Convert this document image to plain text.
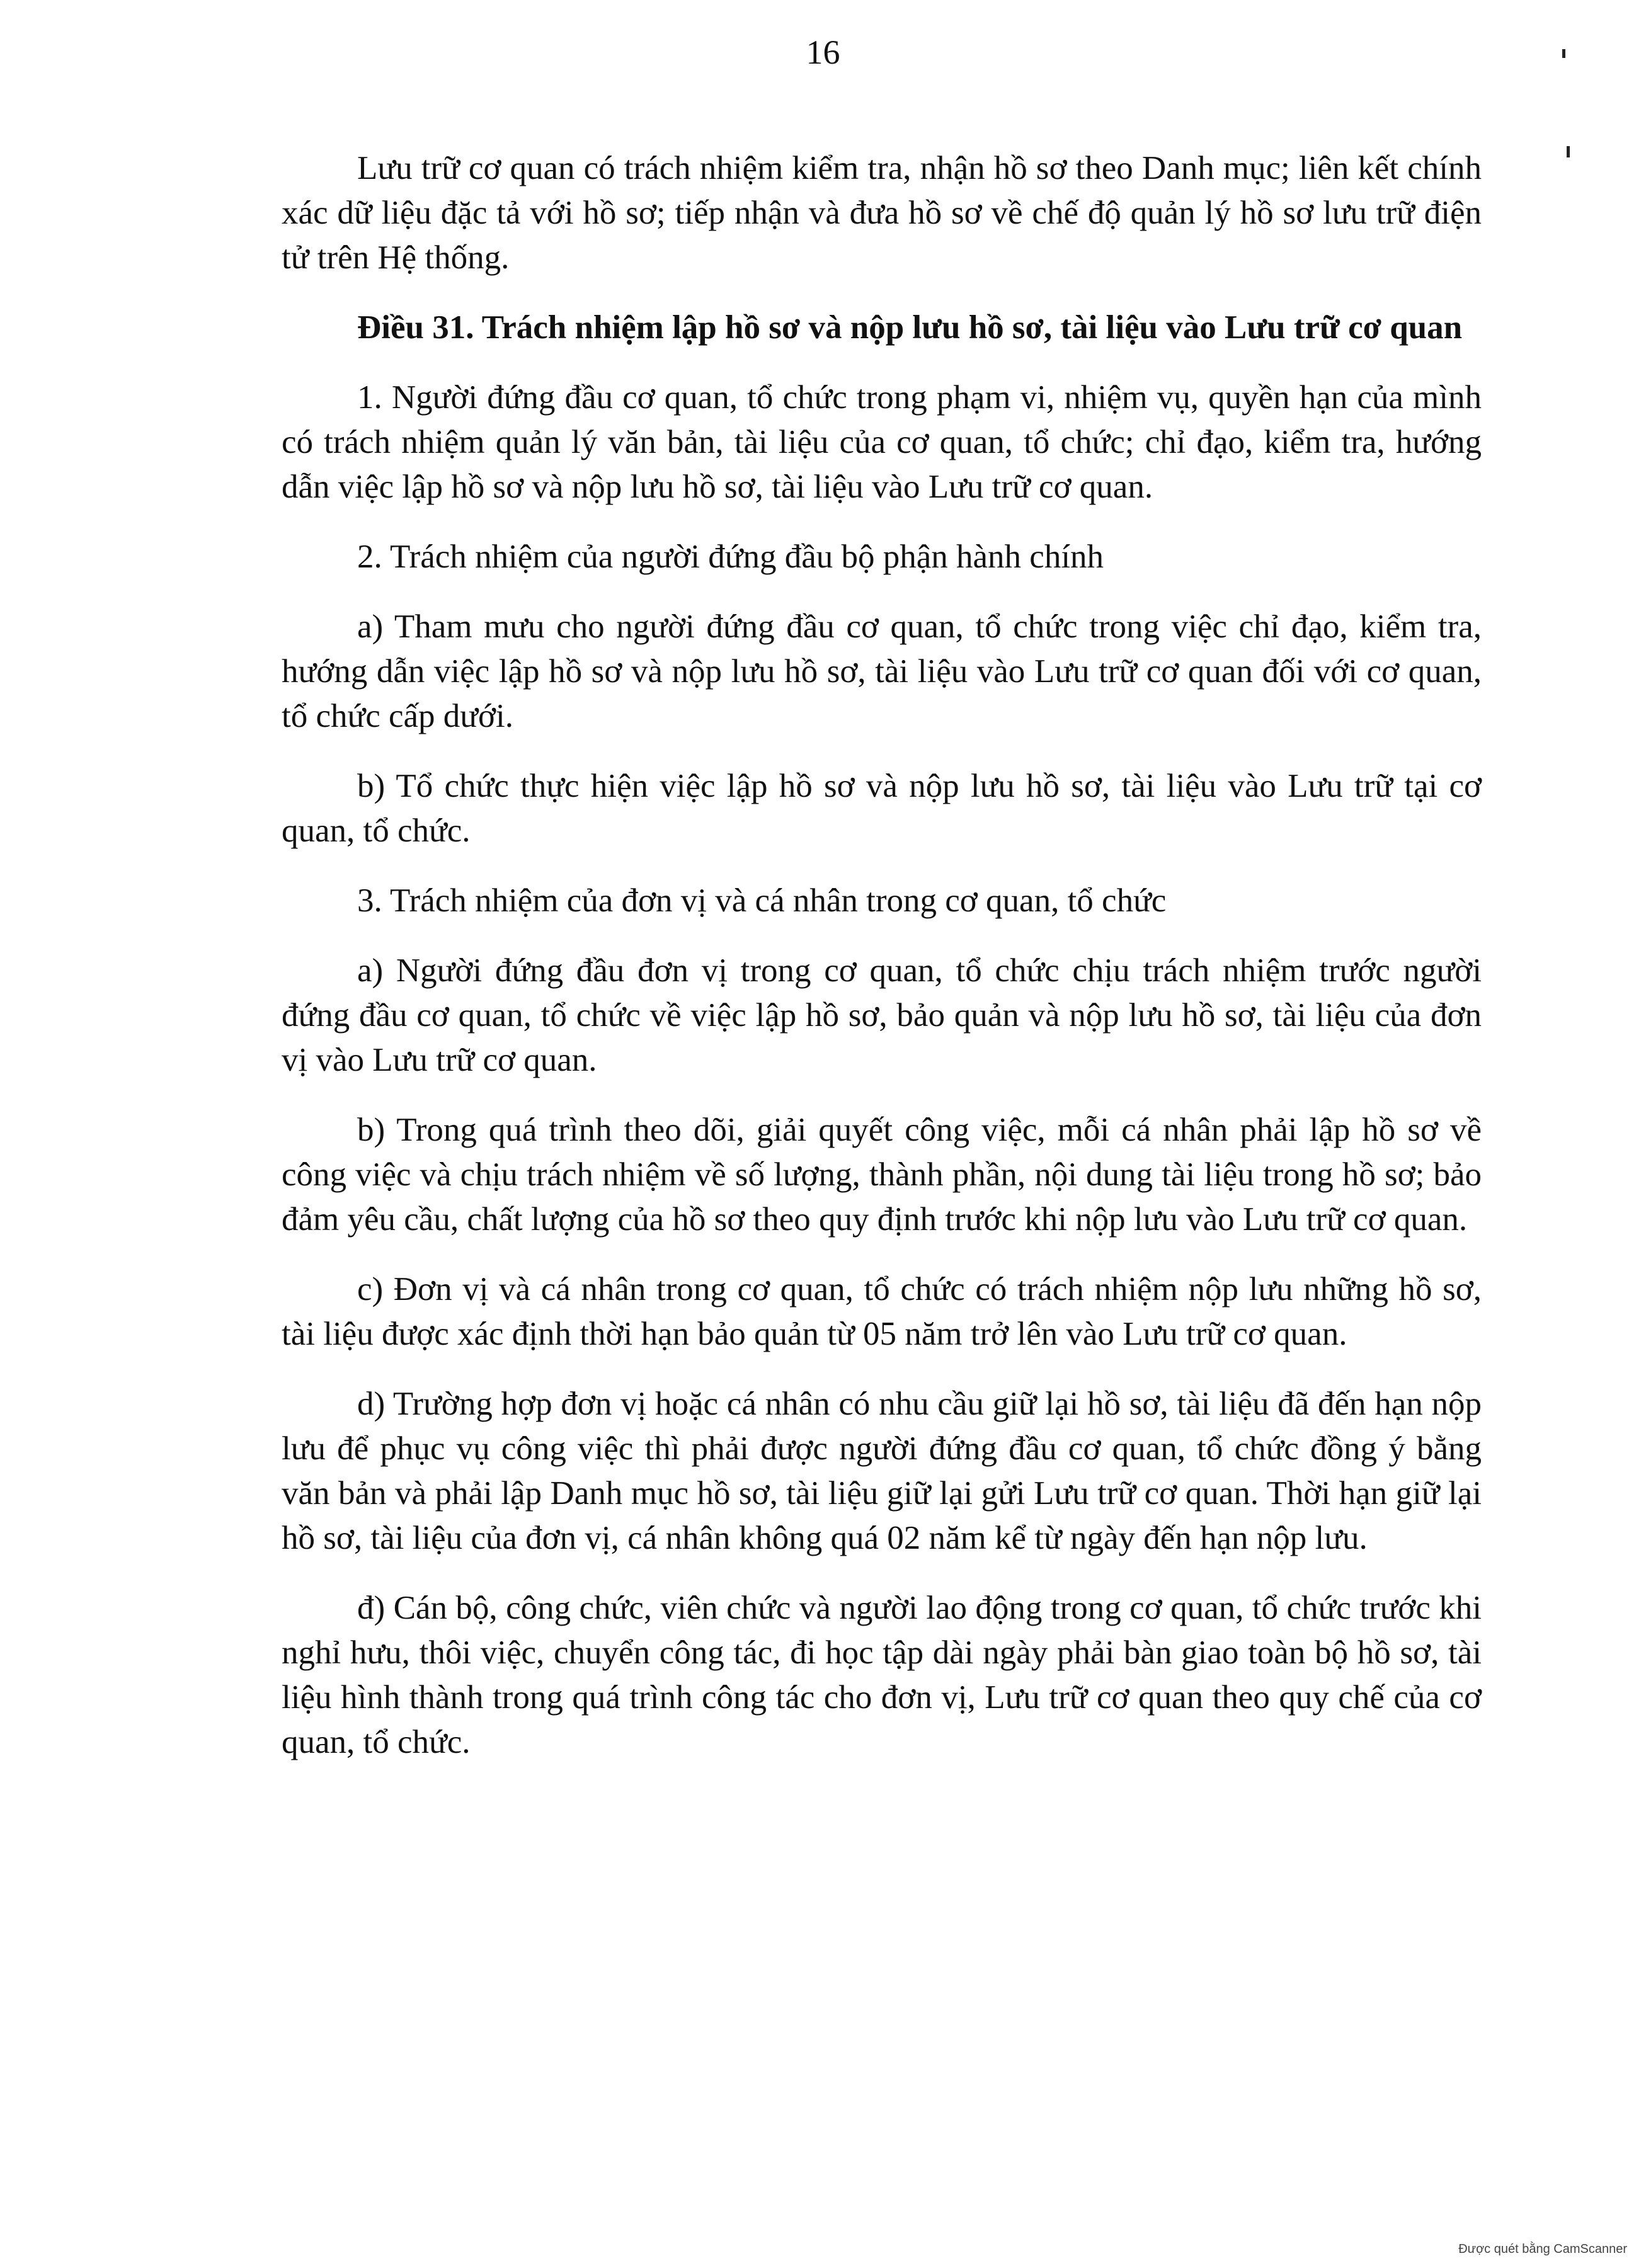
16

Lưu trữ cơ quan có trách nhiệm kiểm tra, nhận hồ sơ theo Danh mục; liên kết chính xác dữ liệu đặc tả với hồ sơ; tiếp nhận và đưa hồ sơ về chế độ quản lý hồ sơ lưu trữ điện tử trên Hệ thống.

Điều 31. Trách nhiệm lập hồ sơ và nộp lưu hồ sơ, tài liệu vào Lưu trữ cơ quan

1. Người đứng đầu cơ quan, tổ chức trong phạm vi, nhiệm vụ, quyền hạn của mình có trách nhiệm quản lý văn bản, tài liệu của cơ quan, tổ chức; chỉ đạo, kiểm tra, hướng dẫn việc lập hồ sơ và nộp lưu hồ sơ, tài liệu vào Lưu trữ cơ quan.

2. Trách nhiệm của người đứng đầu bộ phận hành chính

a) Tham mưu cho người đứng đầu cơ quan, tổ chức trong việc chỉ đạo, kiểm tra, hướng dẫn việc lập hồ sơ và nộp lưu hồ sơ, tài liệu vào Lưu trữ cơ quan đối với cơ quan, tổ chức cấp dưới.

b) Tổ chức thực hiện việc lập hồ sơ và nộp lưu hồ sơ, tài liệu vào Lưu trữ tại cơ quan, tổ chức.

3. Trách nhiệm của đơn vị và cá nhân trong cơ quan, tổ chức

a) Người đứng đầu đơn vị trong cơ quan, tổ chức chịu trách nhiệm trước người đứng đầu cơ quan, tổ chức về việc lập hồ sơ, bảo quản và nộp lưu hồ sơ, tài liệu của đơn vị vào Lưu trữ cơ quan.

b) Trong quá trình theo dõi, giải quyết công việc, mỗi cá nhân phải lập hồ sơ về công việc và chịu trách nhiệm về số lượng, thành phần, nội dung tài liệu trong hồ sơ; bảo đảm yêu cầu, chất lượng của hồ sơ theo quy định trước khi nộp lưu vào Lưu trữ cơ quan.

c) Đơn vị và cá nhân trong cơ quan, tổ chức có trách nhiệm nộp lưu những hồ sơ, tài liệu được xác định thời hạn bảo quản từ 05 năm trở lên vào Lưu trữ cơ quan.

d) Trường hợp đơn vị hoặc cá nhân có nhu cầu giữ lại hồ sơ, tài liệu đã đến hạn nộp lưu để phục vụ công việc thì phải được người đứng đầu cơ quan, tổ chức đồng ý bằng văn bản và phải lập Danh mục hồ sơ, tài liệu giữ lại gửi Lưu trữ cơ quan. Thời hạn giữ lại hồ sơ, tài liệu của đơn vị, cá nhân không quá 02 năm kể từ ngày đến hạn nộp lưu.

đ) Cán bộ, công chức, viên chức và người lao động trong cơ quan, tổ chức trước khi nghỉ hưu, thôi việc, chuyển công tác, đi học tập dài ngày phải bàn giao toàn bộ hồ sơ, tài liệu hình thành trong quá trình công tác cho đơn vị, Lưu trữ cơ quan theo quy chế của cơ quan, tổ chức.

Được quét bằng CamScanner
